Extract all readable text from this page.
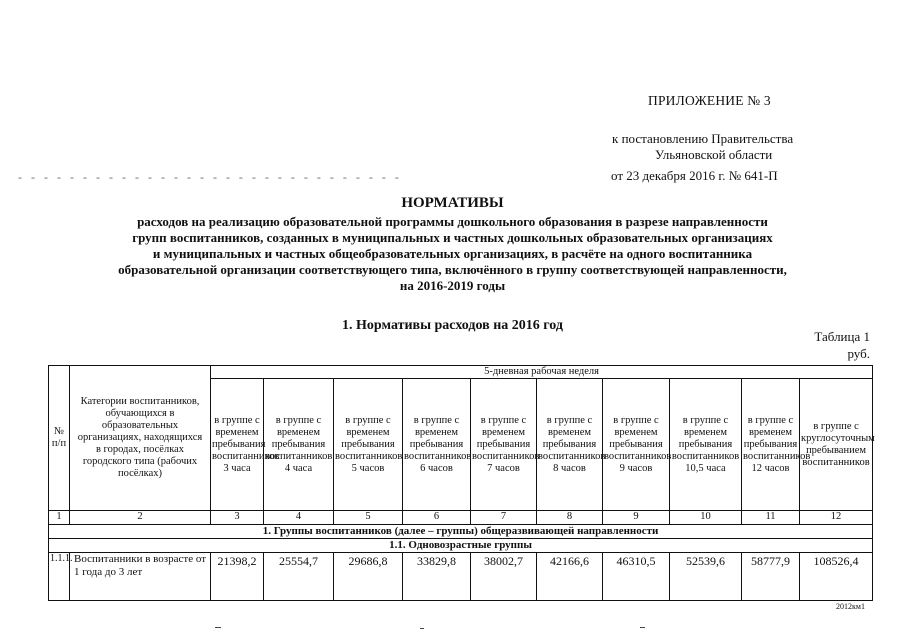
ПРИЛОЖЕНИЕ № 3
к постановлению Правительства
Ульяновской области
от 23 декабря 2016 г. № 641-П
- - - - - - - - - - - - - - - - - - - - - - - - - - - - - -
НОРМАТИВЫ
расходов на реализацию образовательной программы дошкольного образования в разрезе направленности
групп воспитанников, созданных в муниципальных и частных дошкольных образовательных организациях
и муниципальных и частных общеобразовательных организациях, в расчёте на одного воспитанника
образовательной организации соответствующего типа, включённого в группу соответствующей направленности,
на 2016-2019 годы
1. Нормативы расходов на 2016 год
Таблица 1
руб.
№ п/п	Категории воспитанников, обучающихся в образовательных организациях, находящихся в городах, посёлках городского типа (рабочих посёлках)	5-дневная рабочая неделя									
		в группе с временем пребывания воспитанников 3 часа	в группе с временем пребывания воспитанников 4 часа	в группе с временем пребывания воспитанников 5 часов	в группе с временем пребывания воспитанников 6 часов	в группе с временем пребывания воспитанников 7 часов	в группе с временем пребывания воспитанников 8 часов	в группе с временем пребывания воспитанников 9 часов	в группе с временем пребывания воспитанников 10,5 часа	в группе с временем пребывания воспитанников 12 часов	в группе с круглосуточным пребыванием воспитанников
1	2	3	4	5	6	7	8	9	10	11	12
1. Группы воспитанников (далее – группы) общеразвивающей направленности											
1.1. Одновозрастные группы											
1.1.1.	Воспитанники в возрасте от 1 года до 3 лет	21398,2	25554,7	29686,8	33829,8	38002,7	42166,6	46310,5	52539,6	58777,9	108526,4
2012км1
